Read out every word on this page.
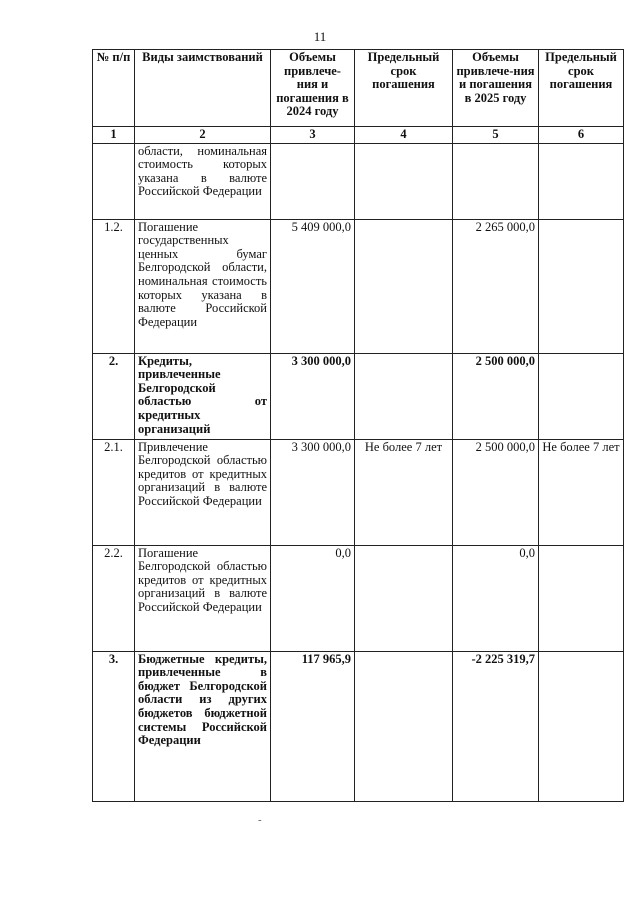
11
№ п/п	Виды заимствований	Объемы привлече-ния и погашения в 2024 году	Предельный срок погашения	Объемы привлече-ния и погашения в 2025 году	Предельный срок погашения
1	2	3	4	5	6
	области, номинальная стоимость которых указана в валюте Российской Федерации				
1.2.	Погашение государственных ценных бумаг Белгородской области, номинальная стоимость которых указана в валюте Российской Федерации	5 409 000,0		2 265 000,0	
2.	Кредиты, привлеченные Белгородской областью от кредитных организаций	3 300 000,0		2 500 000,0	
2.1.	Привлечение Белгородской областью кредитов от кредитных организаций в валюте Российской Федерации	3 300 000,0	Не более 7 лет	2 500 000,0	Не более 7 лет
2.2.	Погашение Белгородской областью кредитов от кредитных организаций в валюте Российской Федерации	0,0		0,0	
3.	Бюджетные кредиты, привлеченные в бюджет Белгородской области из других бюджетов бюджетной системы Российской Федерации	117 965,9		-2 225 319,7	
-
